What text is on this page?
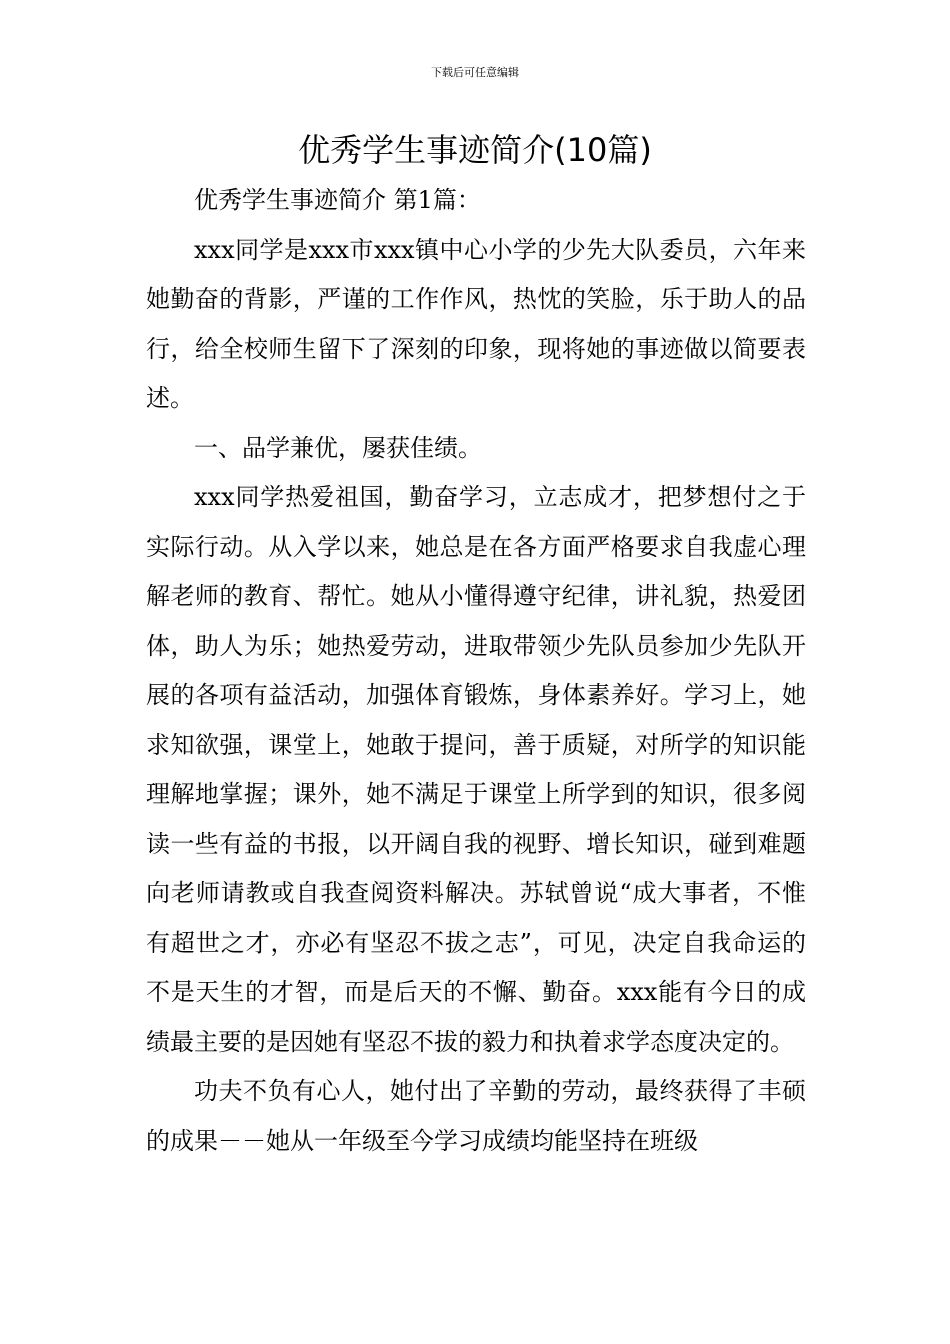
下载后可任意编辑
优秀学生事迹简介(10篇)

优秀学生事迹简介 第1篇：

xxx同学是xxx市xxx镇中心小学的少先大队委员，六年来她勤奋的背影，严谨的工作作风，热忱的笑脸，乐于助人的品行，给全校师生留下了深刻的印象，现将她的事迹做以简要表述。

一、品学兼优，屡获佳绩。

xxx同学热爱祖国，勤奋学习，立志成才，把梦想付之于实际行动。从入学以来，她总是在各方面严格要求自我虚心理解老师的教育、帮忙。她从小懂得遵守纪律，讲礼貌，热爱团体，助人为乐；她热爱劳动，进取带领少先队员参加少先队开展的各项有益活动，加强体育锻炼，身体素养好。学习上，她求知欲强，课堂上，她敢于提问，善于质疑，对所学的知识能理解地掌握；课外，她不满足于课堂上所学到的知识，很多阅读一些有益的书报，以开阔自我的视野、增长知识，碰到难题向老师请教或自我查阅资料解决。苏轼曾说“成大事者，不惟有超世之才，亦必有坚忍不拔之志”，可见，决定自我命运的不是天生的才智，而是后天的不懈、勤奋。xxx能有今日的成绩最主要的是因她有坚忍不拔的毅力和执着求学态度决定的。

功夫不负有心人，她付出了辛勤的劳动，最终获得了丰硕的成果－－她从一年级至今学习成绩均能坚持在班级
